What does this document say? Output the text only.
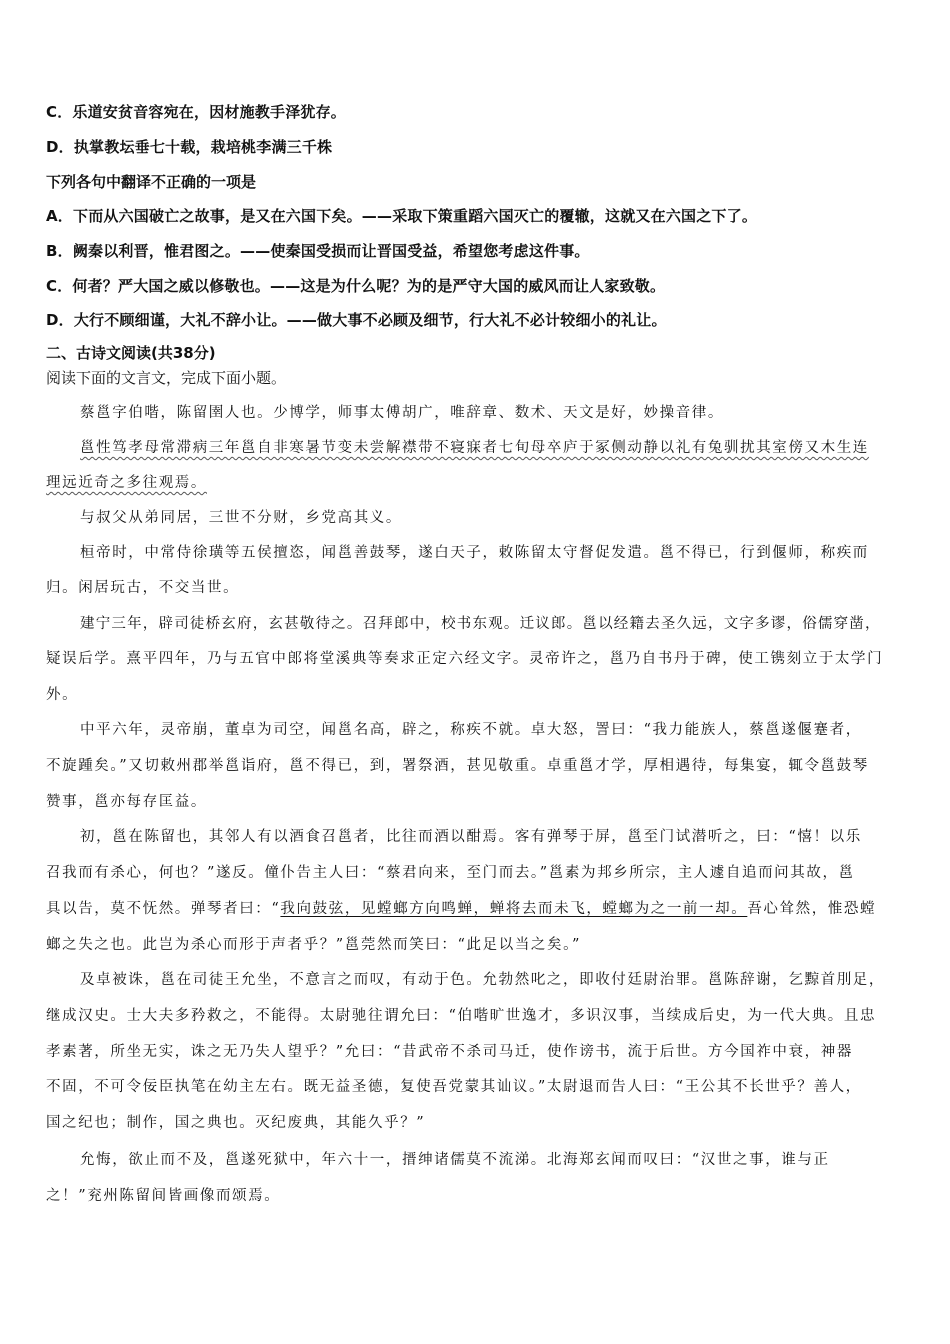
C．乐道安贫音容宛在，因材施教手泽犹存。
D．执掌教坛垂七十载，栽培桃李满三千株
下列各句中翻译不正确的一项是
A．下而从六国破亡之故事，是又在六国下矣。——采取下策重蹈六国灭亡的覆辙，这就又在六国之下了。
B．阙秦以利晋，惟君图之。——使秦国受损而让晋国受益，希望您考虑这件事。
C．何者？严大国之威以修敬也。——这是为什么呢？为的是严守大国的威风而让人家致敬。
D．大行不顾细谨，大礼不辞小让。——做大事不必顾及细节，行大礼不必计较细小的礼让。
二、古诗文阅读(共38分)
阅读下面的文言文，完成下面小题。
蔡邕字伯喈，陈留圉人也。少博学，师事太傅胡广，唯辞章、数术、天文是好，妙操音律。
邕性笃孝母常滞病三年邕自非寒暑节变未尝解襟带不寝寐者七旬母卒庐于冢侧动静以礼有兔驯扰其室傍又木生连
理远近奇之多往观焉。
与叔父从弟同居，三世不分财，乡党高其义。
桓帝时，中常侍徐璜等五侯擅恣，闻邕善鼓琴，遂白天子，敕陈留太守督促发遣。邕不得已，行到偃师，称疾而
归。闲居玩古，不交当世。
建宁三年，辟司徒桥玄府，玄甚敬待之。召拜郎中，校书东观。迁议郎。邕以经籍去圣久远，文字多谬，俗儒穿凿，
疑误后学。熹平四年，乃与五官中郎将堂溪典等奏求正定六经文字。灵帝许之，邕乃自书丹于碑，使工镌刻立于太学门
外。
中平六年，灵帝崩，董卓为司空，闻邕名高，辟之，称疾不就。卓大怒，詈曰：“我力能族人，蔡邕遂偃蹇者，
不旋踵矣。”又切敕州郡举邕诣府，邕不得已，到，署祭酒，甚见敬重。卓重邕才学，厚相遇待，每集宴，辄令邕鼓琴
赞事，邕亦每存匡益。
初，邕在陈留也，其邻人有以酒食召邕者，比往而酒以酣焉。客有弹琴于屏，邕至门试潜听之，曰：“憘！以乐
召我而有杀心，何也？”遂反。僮仆告主人曰：“蔡君向来，至门而去。”邕素为邦乡所宗，主人遽自追而问其故，邕
具以告，莫不怃然。弹琴者曰：“我向鼓弦，见螳螂方向鸣蝉，蝉将去而未飞，螳螂为之一前一却。吾心耸然，惟恐螳
螂之失之也。此岂为杀心而形于声者乎？”邕莞然而笑曰：“此足以当之矣。”
及卓被诛，邕在司徒王允坐，不意言之而叹，有动于色。允勃然叱之，即收付廷尉治罪。邕陈辞谢，乞黥首刖足，
继成汉史。士大夫多矜救之，不能得。太尉驰往谓允曰：“伯喈旷世逸才，多识汉事，当续成后史，为一代大典。且忠
孝素著，所坐无实，诛之无乃失人望乎？”允曰：“昔武帝不杀司马迁，使作谤书，流于后世。方今国祚中衰，神器
不固，不可令佞臣执笔在幼主左右。既无益圣德，复使吾党蒙其讪议。”太尉退而告人曰：“王公其不长世乎？善人，
国之纪也；制作，国之典也。灭纪废典，其能久乎？”
允悔，欲止而不及，邕遂死狱中，年六十一，搢绅诸儒莫不流涕。北海郑玄闻而叹曰：“汉世之事，谁与正
之！”兖州陈留间皆画像而颂焉。
